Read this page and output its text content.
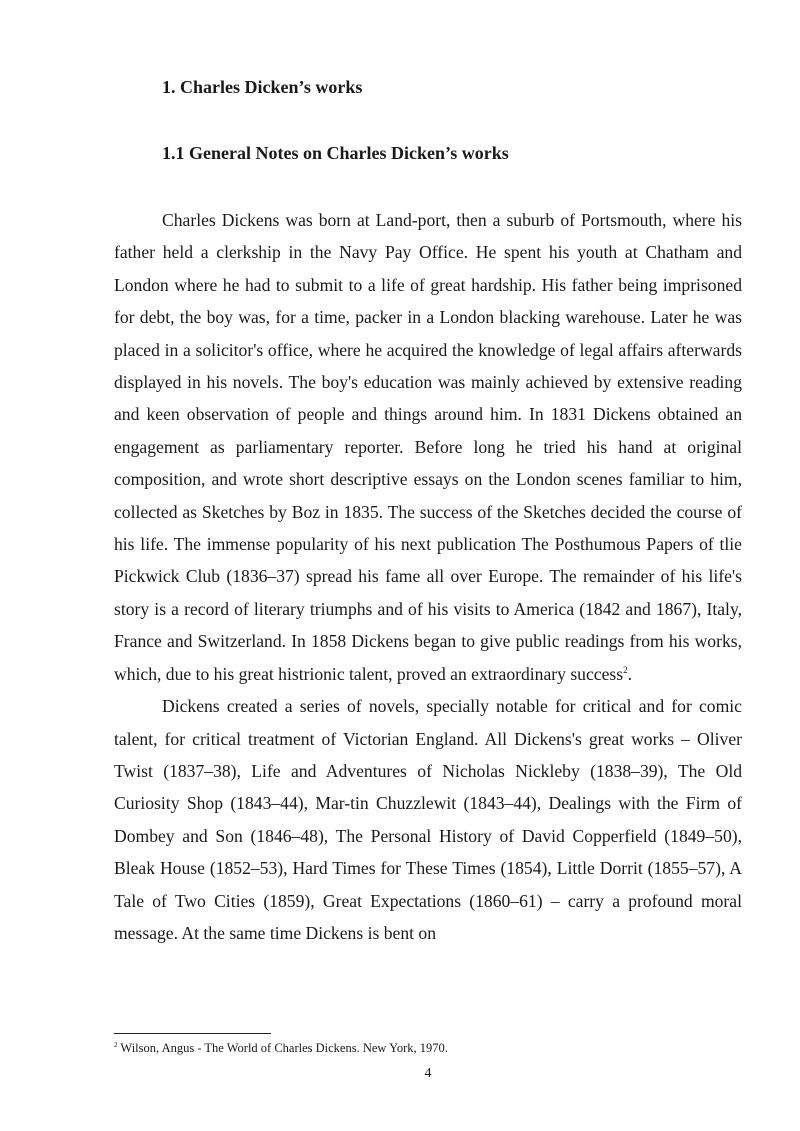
1. Charles Dicken’s works
1.1 General Notes on Charles Dicken’s works

Charles Dickens was born at Land-port, then a suburb of Portsmouth, where his father held a clerkship in the Navy Pay Office. He spent his youth at Chatham and London where he had to submit to a life of great hardship. His father being imprisoned for debt, the boy was, for a time, packer in a London blacking warehouse. Later he was placed in a solicitor's office, where he acquired the knowledge of legal affairs afterwards displayed in his novels. The boy's education was mainly achieved by extensive reading and keen observation of people and things around him. In 1831 Dickens obtained an engagement as parliamentary reporter. Before long he tried his hand at original composition, and wrote short descriptive essays on the London scenes familiar to him, collected as Sketches by Boz in 1835. The success of the Sketches decided the course of his life. The immense popularity of his next publication The Posthumous Papers of tlie Pickwick Club (1836–37) spread his fame all over Europe. The remainder of his life's story is a record of literary triumphs and of his visits to America (1842 and 1867), Italy, France and Switzerland. In 1858 Dickens began to give public readings from his works, which, due to his great histrionic talent, proved an extraordinary success$^2$.

Dickens created a series of novels, specially notable for critical and for comic talent, for critical treatment of Victorian England. All Dickens's great works – Oliver Twist (1837–38), Life and Adventures of Nicholas Nickleby (1838–39), The Old Curiosity Shop (1843–44), Mar-tin Chuzzlewit (1843–44), Dealings with the Firm of Dombey and Son (1846–48), The Personal History of David Copperfield (1849–50), Bleak House (1852–53), Hard Times for These Times (1854), Little Dorrit (1855–57), A Tale of Two Cities (1859), Great Expectations (1860–61) – carry a profound moral message. At the same time Dickens is bent on

$^2$ Wilson, Angus - The World of Charles Dickens. New York, 1970.
4
